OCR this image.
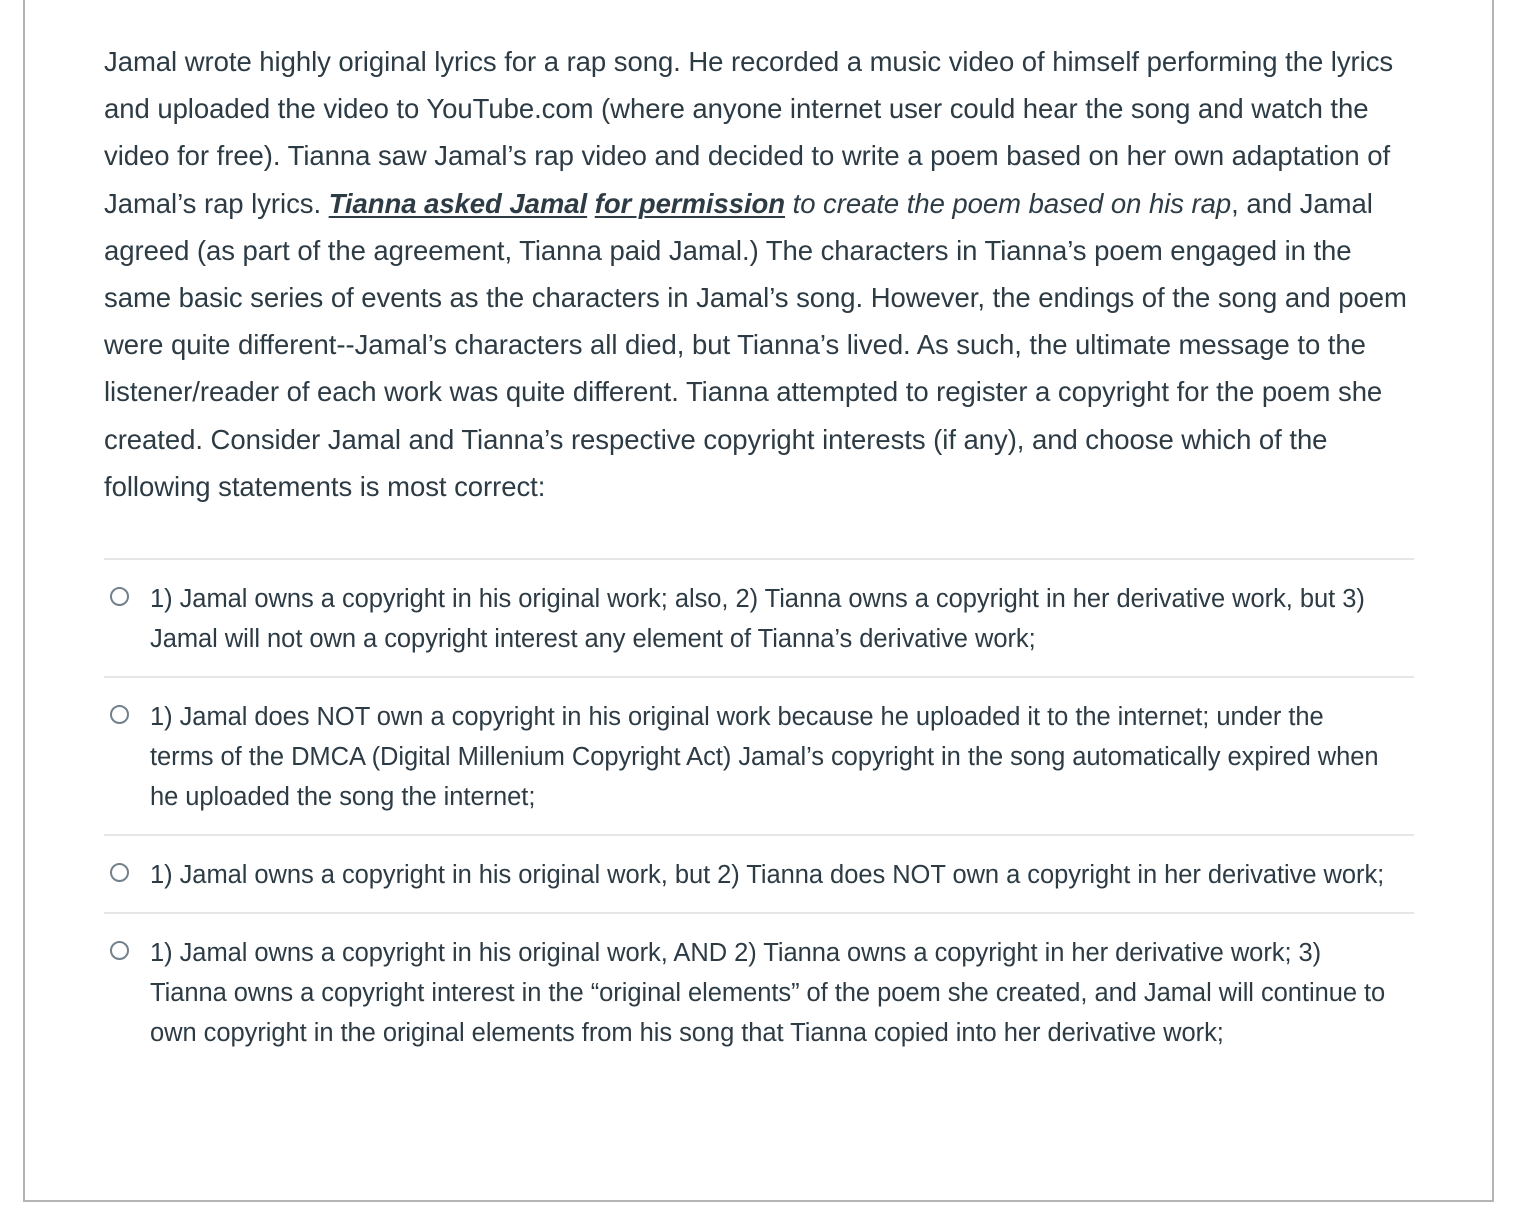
Jamal wrote highly original lyrics for a rap song. He recorded a music video of himself performing the lyrics and uploaded the video to YouTube.com (where anyone internet user could hear the song and watch the video for free). Tianna saw Jamal’s rap video and decided to write a poem based on her own adaptation of Jamal’s rap lyrics. Tianna asked Jamal for permission to create the poem based on his rap, and Jamal agreed (as part of the agreement, Tianna paid Jamal.) The characters in Tianna’s poem engaged in the same basic series of events as the characters in Jamal’s song. However, the endings of the song and poem were quite different--Jamal’s characters all died, but Tianna’s lived. As such, the ultimate message to the listener/reader of each work was quite different. Tianna attempted to register a copyright for the poem she created. Consider Jamal and Tianna’s respective copyright interests (if any), and choose which of the following statements is most correct:

1) Jamal owns a copyright in his original work; also, 2) Tianna owns a copyright in her derivative work, but 3) Jamal will not own a copyright interest any element of Tianna’s derivative work;
1) Jamal does NOT own a copyright in his original work because he uploaded it to the internet; under the terms of the DMCA (Digital Millenium Copyright Act) Jamal’s copyright in the song automatically expired when he uploaded the song the internet;
1) Jamal owns a copyright in his original work, but 2) Tianna does NOT own a copyright in her derivative work;
1) Jamal owns a copyright in his original work, AND 2) Tianna owns a copyright in her derivative work; 3) Tianna owns a copyright interest in the “original elements” of the poem she created, and Jamal will continue to own copyright in the original elements from his song that Tianna copied into her derivative work;
